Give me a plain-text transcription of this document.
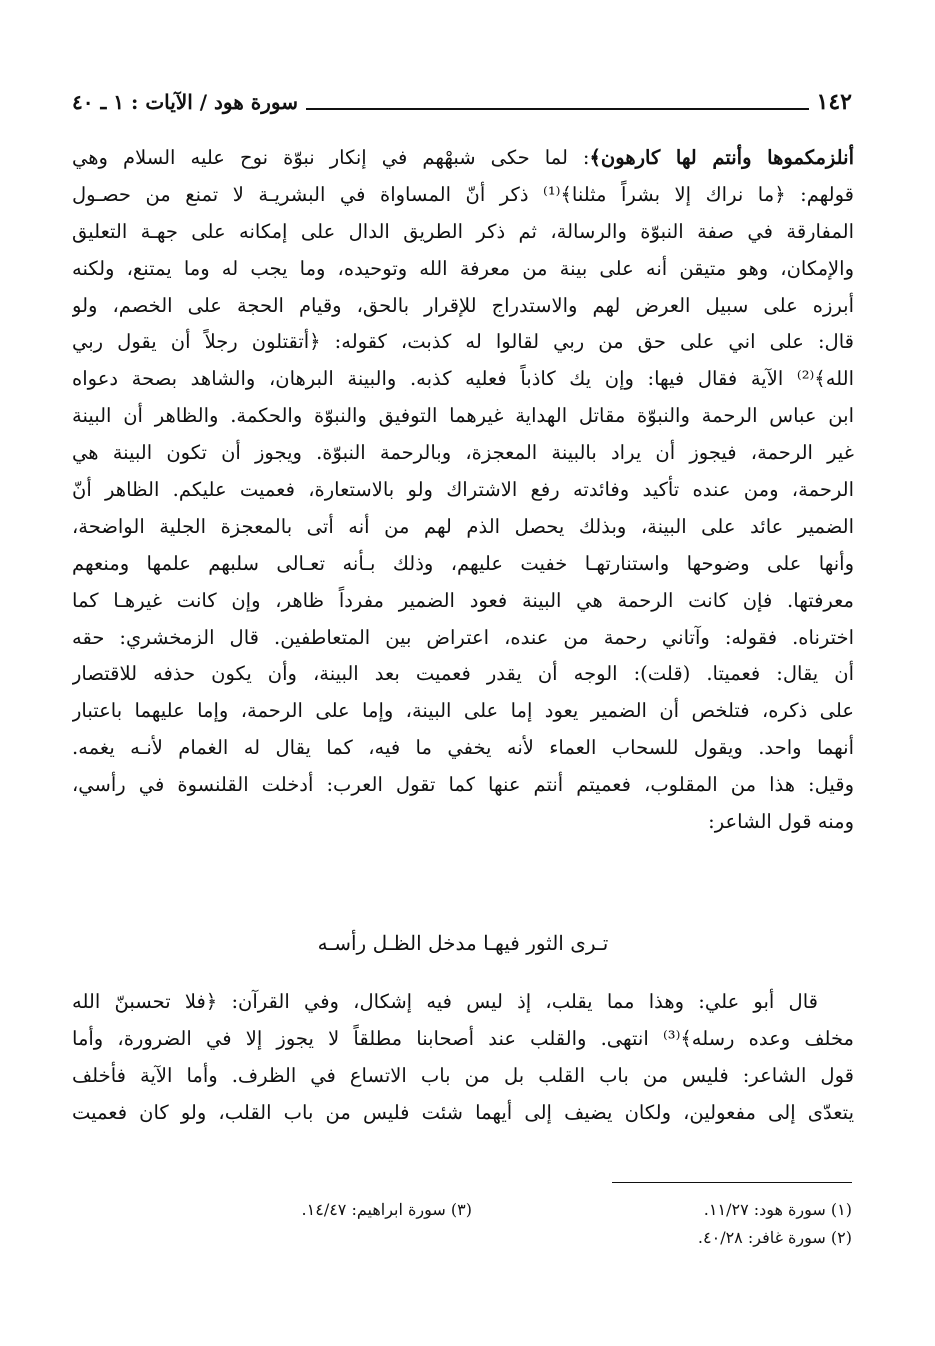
١٤٢
سورة هود / الآيات : ١ ـ ٤٠
أنلزمكموها وأنتم لها كارهون﴾: لما حكى شبهْهم في إنكار نبوّة نوح عليه السلام وهي
قولهم: ﴿ما نراك إلا بشراً مثلنا﴾⁽¹⁾ ذكر أنّ المساواة في البشريـة لا تمنع من حصـول
المفارقة في صفة النبوّة والرسالة، ثم ذكر الطريق الدال على إمكانه على جهـة التعليق
والإمكان، وهو متيقن أنه على بينة من معرفة الله وتوحيده، وما يجب له وما يمتنع، ولكنه
أبرزه على سبيل العرض لهم والاستدراج للإقرار بالحق، وقيام الحجة على الخصم، ولو
قال: على اني على حق من ربي لقالوا له كذبت، كقوله: ﴿أتقتلون رجلاً أن يقول ربي
الله﴾⁽²⁾ الآية فقال فيها: وإن يك كاذباً فعليه كذبه. والبينة البرهان، والشاهد بصحة دعواه
ابن عباس الرحمة والنبوّة مقاتل الهداية غيرهما التوفيق والنبوّة والحكمة. والظاهر أن البينة
غير الرحمة، فيجوز أن يراد بالبينة المعجزة، وبالرحمة النبوّة. ويجوز أن تكون البينة هي
الرحمة، ومن عنده تأكيد وفائدته رفع الاشتراك ولو بالاستعارة، فعميت عليكم. الظاهر أنّ
الضمير عائد على البينة، وبذلك يحصل الذم لهم من أنه أتى بالمعجزة الجلية الواضحة،
وأنها على وضوحها واستنارتهـا خفيت عليهم، وذلك بـأنه تعـالى سلبهم علمها ومنعهم
معرفتها. فإن كانت الرحمة هي البينة فعود الضمير مفرداً ظاهر، وإن كانت غيرهـا كما
اخترناه. فقوله: وآتاني رحمة من عنده، اعتراض بين المتعاطفين. قال الزمخشري: حقه
أن يقال: فعميتا. (قلت): الوجه أن يقدر فعميت بعد البينة، وأن يكون حذفه للاقتصار
على ذكره، فتلخص أن الضمير يعود إما على البينة، وإما على الرحمة، وإما عليهما باعتبار
أنهما واحد. ويقول للسحاب العماء لأنه يخفي ما فيه، كما يقال له الغمام لأنـه يغمه.
وقيل: هذا من المقلوب، فعميتم أنتم عنها كما تقول العرب: أدخلت القلنسوة في رأسي،
ومنه قول الشاعر:
تـرى الثور فيهـا مدخل الظـل رأسـه
قال أبو علي: وهذا مما يقلب، إذ ليس فيه إشكال، وفي القرآن: ﴿فلا تحسبنّ الله
مخلف وعده رسله﴾⁽³⁾ انتهى. والقلب عند أصحابنا مطلقاً لا يجوز إلا في الضرورة، وأما
قول الشاعر: فليس من باب القلب بل من باب الاتساع في الظرف. وأما الآية فأخلف
يتعدّى إلى مفعولين، ولكان يضيف إلى أيهما شئت فليس من باب القلب، ولو كان فعميت
(١) سورة هود: ١١/٢٧.
(٣) سورة ابراهيم: ١٤/٤٧.
(٢) سورة غافر: ٤٠/٢٨.
